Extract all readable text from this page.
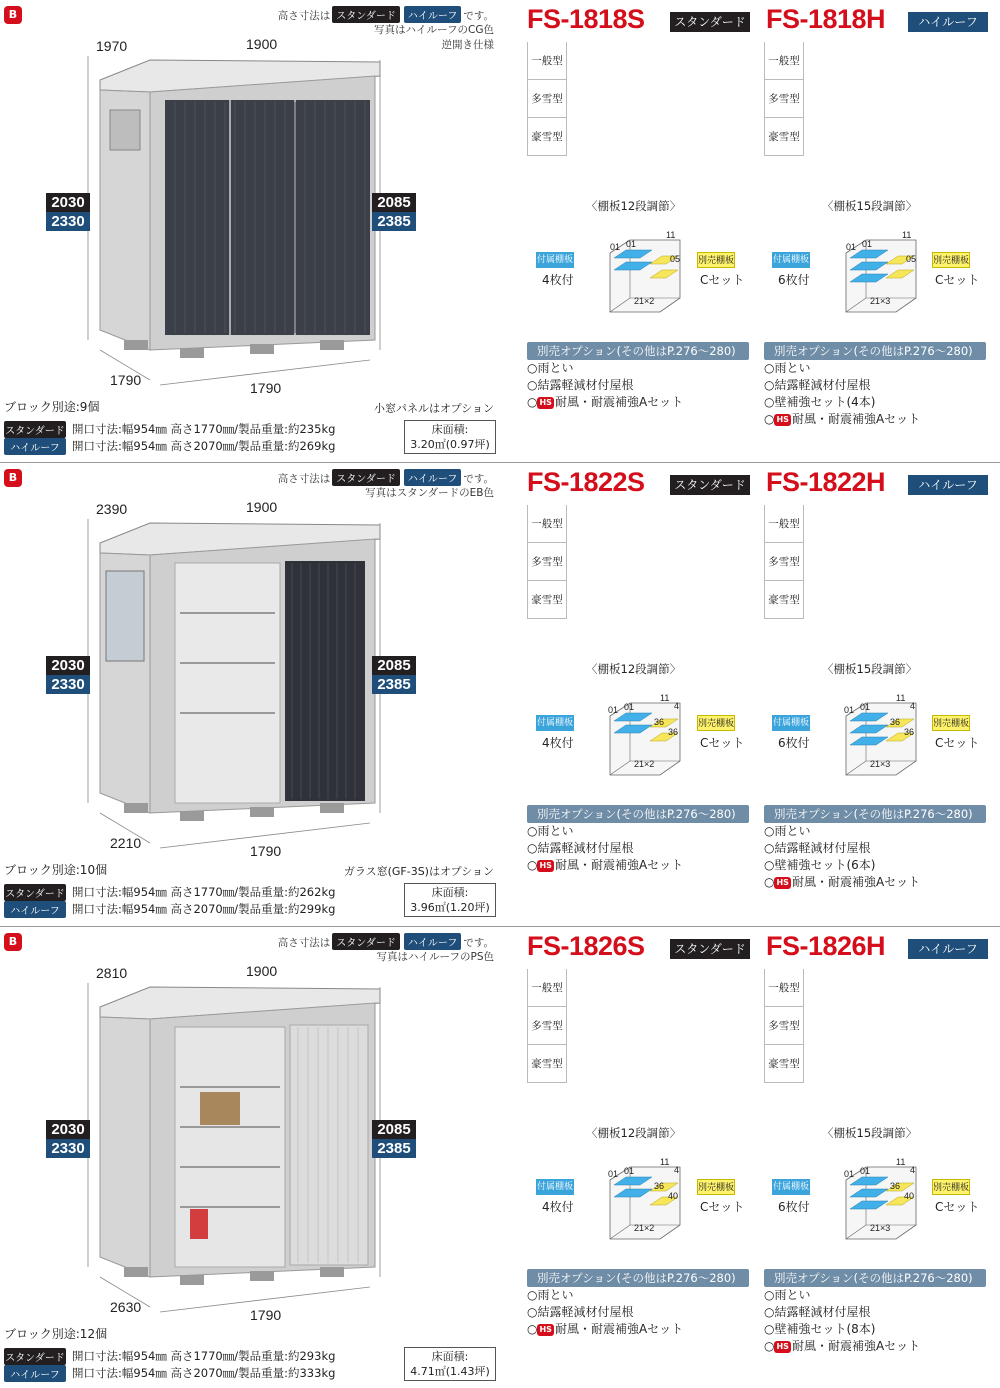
B	高さ寸法は スタンダード ハイルーフ です。
写真はハイルーフのCG色
逆開き仕様
1970	1900
2030
2330
2085
2385
1790	1790
ブロック別途:9個	小窓パネルはオプション
スタンダード 開口寸法:幅954㎜ 高さ1770㎜/製品重量:約235kg
ハイルーフ	開口寸法:幅954㎜ 高さ2070㎜/製品重量:約269kg
床面積:
3.20㎡(0.97坪)
FS-1818S	スタンダード FS-1818H	ハイルーフ
一般型
多雪型
豪雪型
一般型
多雪型
豪雪型
〈棚板12段調節〉	〈棚板15段調節〉
付属棚板
4枚付
01 01
11
05
21×2
別売棚板
Cセット
付属棚板
6枚付
01 01
11
05
21×3
別売棚板
Cセット
別売オプション(その他はP.276〜280)
○雨とい
○結露軽減材付屋根
○ HS 耐風・耐震補強Aセット
別売オプション(その他はP.276〜280)
○雨とい
○結露軽減材付屋根
○壁補強セット(4本)
○ HS 耐風・耐震補強Aセット
B	高さ寸法は スタンダード ハイルーフ です。
写真はスタンダードのEB色
2390	1900
2030
2330
2085
2385
2210	1790
ブロック別途:10個	ガラス窓(GF-3S)はオプション
スタンダード 開口寸法:幅954㎜ 高さ1770㎜/製品重量:約262kg
ハイルーフ	開口寸法:幅954㎜ 高さ2070㎜/製品重量:約299kg
床面積:
3.96㎡(1.20坪)
FS-1822S	スタンダード FS-1822H	ハイルーフ
一般型
多雪型
豪雪型
一般型
多雪型
豪雪型
〈棚板12段調節〉	〈棚板15段調節〉
付属棚板
4枚付
01 01
11
4
36
36
21×2
別売棚板
Cセット
付属棚板
6枚付
01 01
11
4
36
36
21×3
別売棚板
Cセット
別売オプション(その他はP.276〜280)
○雨とい
○結露軽減材付屋根
○ HS 耐風・耐震補強Aセット
別売オプション(その他はP.276〜280)
○雨とい
○結露軽減材付屋根
○壁補強セット(6本)
○ HS 耐風・耐震補強Aセット
B	高さ寸法は スタンダード ハイルーフ です。
写真はハイルーフのPS色
2810	1900
2030
2330
2085
2385
2630	1790
ブロック別途:12個
スタンダード 開口寸法:幅954㎜ 高さ1770㎜/製品重量:約293kg
ハイルーフ	開口寸法:幅954㎜ 高さ2070㎜/製品重量:約333kg
床面積:
4.71㎡(1.43坪)
FS-1826S	スタンダード FS-1826H	ハイルーフ
一般型
多雪型
豪雪型
一般型
多雪型
豪雪型
〈棚板12段調節〉	〈棚板15段調節〉
付属棚板
4枚付
01 01
11
4
36
40
21×2
別売棚板
Cセット
付属棚板
6枚付
01 01
11
4
36
40
21×3
別売棚板
Cセット
別売オプション(その他はP.276〜280)
○雨とい
○結露軽減材付屋根
○ HS 耐風・耐震補強Aセット
別売オプション(その他はP.276〜280)
○雨とい
○結露軽減材付屋根
○壁補強セット(8本)
○ HS 耐風・耐震補強Aセット
